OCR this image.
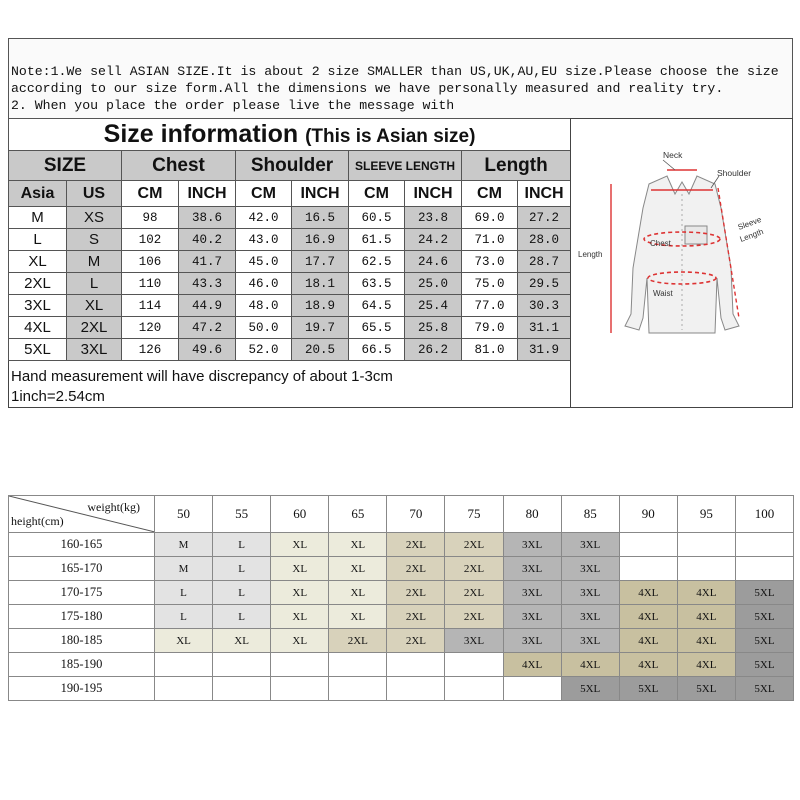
Note:1.We sell ASIAN SIZE.It is about 2 size SMALLER than US,UK,AU,EU size.Please choose the size
according to our size form.All the dimensions we have personally measured and reality try.
2. When you place the order please live the message with
Size information (This is Asian size)									
SIZE		Chest		Shoulder		SLEEVE LENGTH		Length	
Asia	US	CM	INCH	CM	INCH	CM	INCH	CM	INCH
M	XS	98	38.6	42.0	16.5	60.5	23.8	69.0	27.2
L	S	102	40.2	43.0	16.9	61.5	24.2	71.0	28.0
XL	M	106	41.7	45.0	17.7	62.5	24.6	73.0	28.7
2XL	L	110	43.3	46.0	18.1	63.5	25.0	75.0	29.5
3XL	XL	114	44.9	48.0	18.9	64.5	25.4	77.0	30.3
4XL	2XL	120	47.2	50.0	19.7	65.5	25.8	79.0	31.1
5XL	3XL	126	49.6	52.0	20.5	66.5	26.2	81.0	31.9
Hand measurement will have discrepancy of about 1-3cm
1inch=2.54cm
Neck
Shoulder
Chest
Sleeve
Length
Length
Waist
weight(kg)
height(cm)	50	55	60	65	70	75	80	85	90	95	100
160-165	M	L	XL	XL	2XL	2XL	3XL	3XL			
165-170	M	L	XL	XL	2XL	2XL	3XL	3XL			
170-175	L	L	XL	XL	2XL	2XL	3XL	3XL	4XL	4XL	5XL
175-180	L	L	XL	XL	2XL	2XL	3XL	3XL	4XL	4XL	5XL
180-185	XL	XL	XL	2XL	2XL	3XL	3XL	3XL	4XL	4XL	5XL
185-190							4XL	4XL	4XL	4XL	5XL
190-195								5XL	5XL	5XL	5XL
